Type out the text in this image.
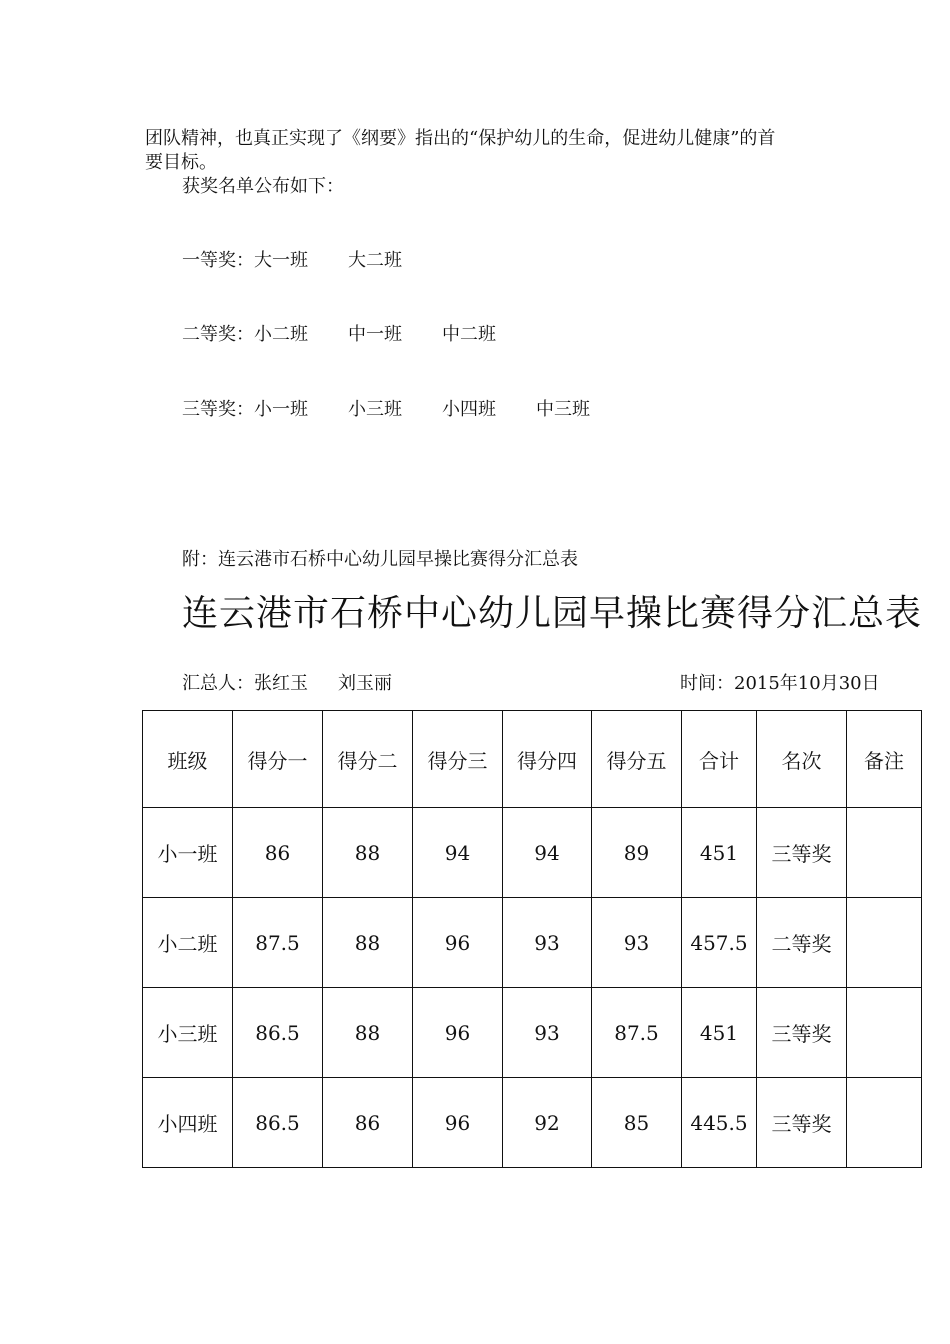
团队精神，也真正实现了《纲要》指出的“保护幼儿的生命，促进幼儿健康”的首
要目标。
获奖名单公布如下：
一等奖：大一班 大二班
二等奖：小二班 中一班 中二班
三等奖：小一班 小三班 小四班 中三班
附：连云港市石桥中心幼儿园早操比赛得分汇总表
连云港市石桥中心幼儿园早操比赛得分汇总表
汇总人：张红玉 刘玉丽	时间：2015年10月30日
班级	得分一	得分二	得分三	得分四	得分五	合计	名次	备注
小一班	86	88	94	94	89	451	三等奖	
小二班	87.5	88	96	93	93	457.5	二等奖	
小三班	86.5	88	96	93	87.5	451	三等奖	
小四班	86.5	86	96	92	85	445.5	三等奖	
